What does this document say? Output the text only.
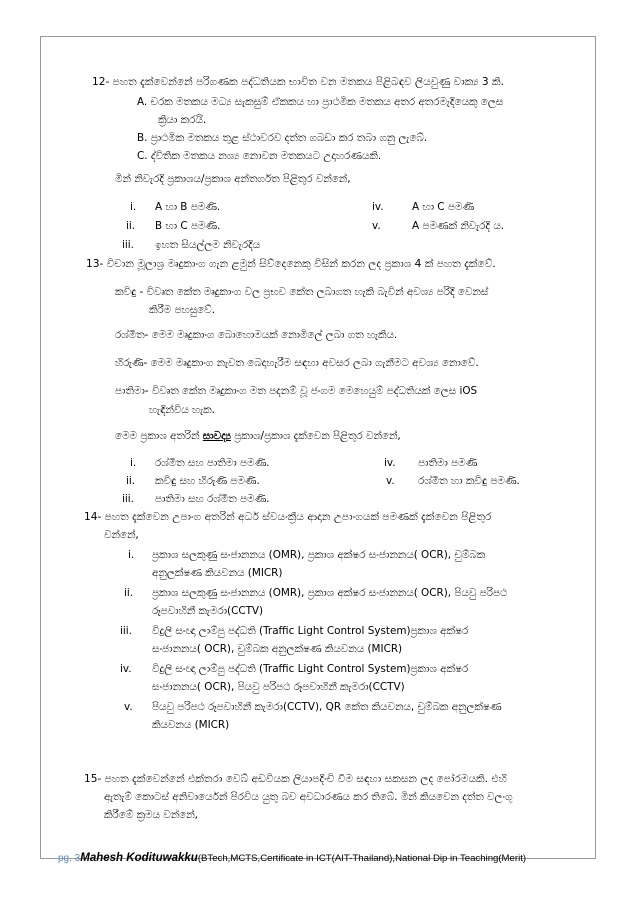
12- පහත දැක්වෙන්නේ පරිගණක පද්ධතියක භාවිත වන මතකය පිළිබඳව ලියවුණු වාක්‍ය 3 කි.
A. චරක මතකය මධ්‍ය සැකසුම් ඒකකය හා ප්‍රාථමික මතකය අතර අතරමැදියෙකු ලෙස
ක්‍රියා කරයි.
B. ප්‍රාථමික මතකය තුළ ස්ථාවරව දත්ත ගබඩා කර තබා ගනු ලැබේ.
C. ද්විතික මතකය නශ්‍ය නොවන මතකයට උදාහරණයකි.
මින් නිවැරදි ප්‍රකාශය/ප්‍රකාශ අන්තර්ගත පිළිතුර වන්නේ,
i. A හා B පමණි.
ii. B හා C පමණි.
iii. ඉහත සියල්ලම නිවැරදිය
iv.	A හා C පමණි
v.	A පමණක් නිවැරදි ය.
13- විචාන මූලාශ්‍ර මෘදුකාංග ගැන ළමුන් සිව්දෙනෙකු විසින් කරන ලද ප්‍රකාශ 4 ක් පහත දැක්වේ.
කවිඳු - විවෘත කේත මෘදුකාංග වල ප්‍රභව කේත ලබාගත හැකි බැවින් අවශ්‍ය පරිදි වෙනස්
කිරීම පහසුවේ.
රශ්මීත- මෙම මෘදුකාංග බොහොමයක් නොමිලේ ලබා ගත හැකිය.
හිරුණි- මෙම මෘදුකාංග නැවත බෙදාහැරීම සඳහා අවසර ලබා ගැනීමට අවශ්‍ය නොවේ.
පාතිමා- විවෘත කේත මෘදුකාංග මත පදනම් වූ ජංගම මෙහෙයුම් පද්ධතියක් ලෙස iOS
හැඳින්විය හැක.
මෙම ප්‍රකාශ අතරින් සාවද්‍ය ප්‍රකාශ/ප්‍රකාශ දැක්වෙන පිළිතුර වන්නේ,
i. රශ්මීත සහ පාතිමා පමණි.
ii. කවිඳු සහ හිරුණි පමණි.
iii. පාතිමා සහ රශ්මීත පමණි.
iv. පාතිමා පමණි
v. රශ්මීත හා කවිඳු පමණි.
14- පහත දැක්වෙන උපාංග අතරින් අර්ධ ස්වයංක්‍රීය ආදාන උපාංගයක් පමණක් දැක්වෙන පිළිතුර
වන්නේ,
i. ප්‍රකාශ සලකුණු සංජානනය (OMR), ප්‍රකාශ අක්ෂර සංජානනය( OCR), චුම්බක
අනුලක්ෂණ කියවනය (MICR)
ii. ප්‍රකාශ සලකුණු සංජානනය (OMR), ප්‍රකාශ අක්ෂර සංජානනය( OCR), පියවු පරිපථ
රූපවාහිනී කැමරා(CCTV)
iii. විදුලි සංඥා ලාම්පු පද්ධති (Traffic Light Control System)ප්‍රකාශ අක්ෂර
සංජානනය( OCR), චුම්බක අනුලක්ෂණ කියවනය (MICR)
iv. විදුලි සංඥා ලාම්පු පද්ධති (Traffic Light Control System)ප්‍රකාශ අක්ෂර
සංජානනය( OCR), පියවු පරිපථ රූපවාහිනී කැමරා(CCTV)
v. පියවු පරිපථ රූපවාහිනී කැමරා(CCTV), QR කේත කියවනය, චුම්බක අනුලක්ෂණ
කියවනය (MICR)
15- පහත දැක්වෙන්නේ එක්තරා වෙබ් අඩවියක ලියාපදිංචි වීම සඳහා සකසන ලද පෝරමයකි. එහි
ඇතැම් කොටස් අනිවාර්යෙන් පිරවිය යුතු බව අවධාරණය කර තිබේ. මින් කියවෙන දත්ත වලංගු
කිරීමේ ක්‍රමය වන්නේ,
pg. 3Mahesh Kodituwakku(BTech,MCTS,Certificate in ICT(AIT-Thailand),National Dip in Teaching(Merit)
